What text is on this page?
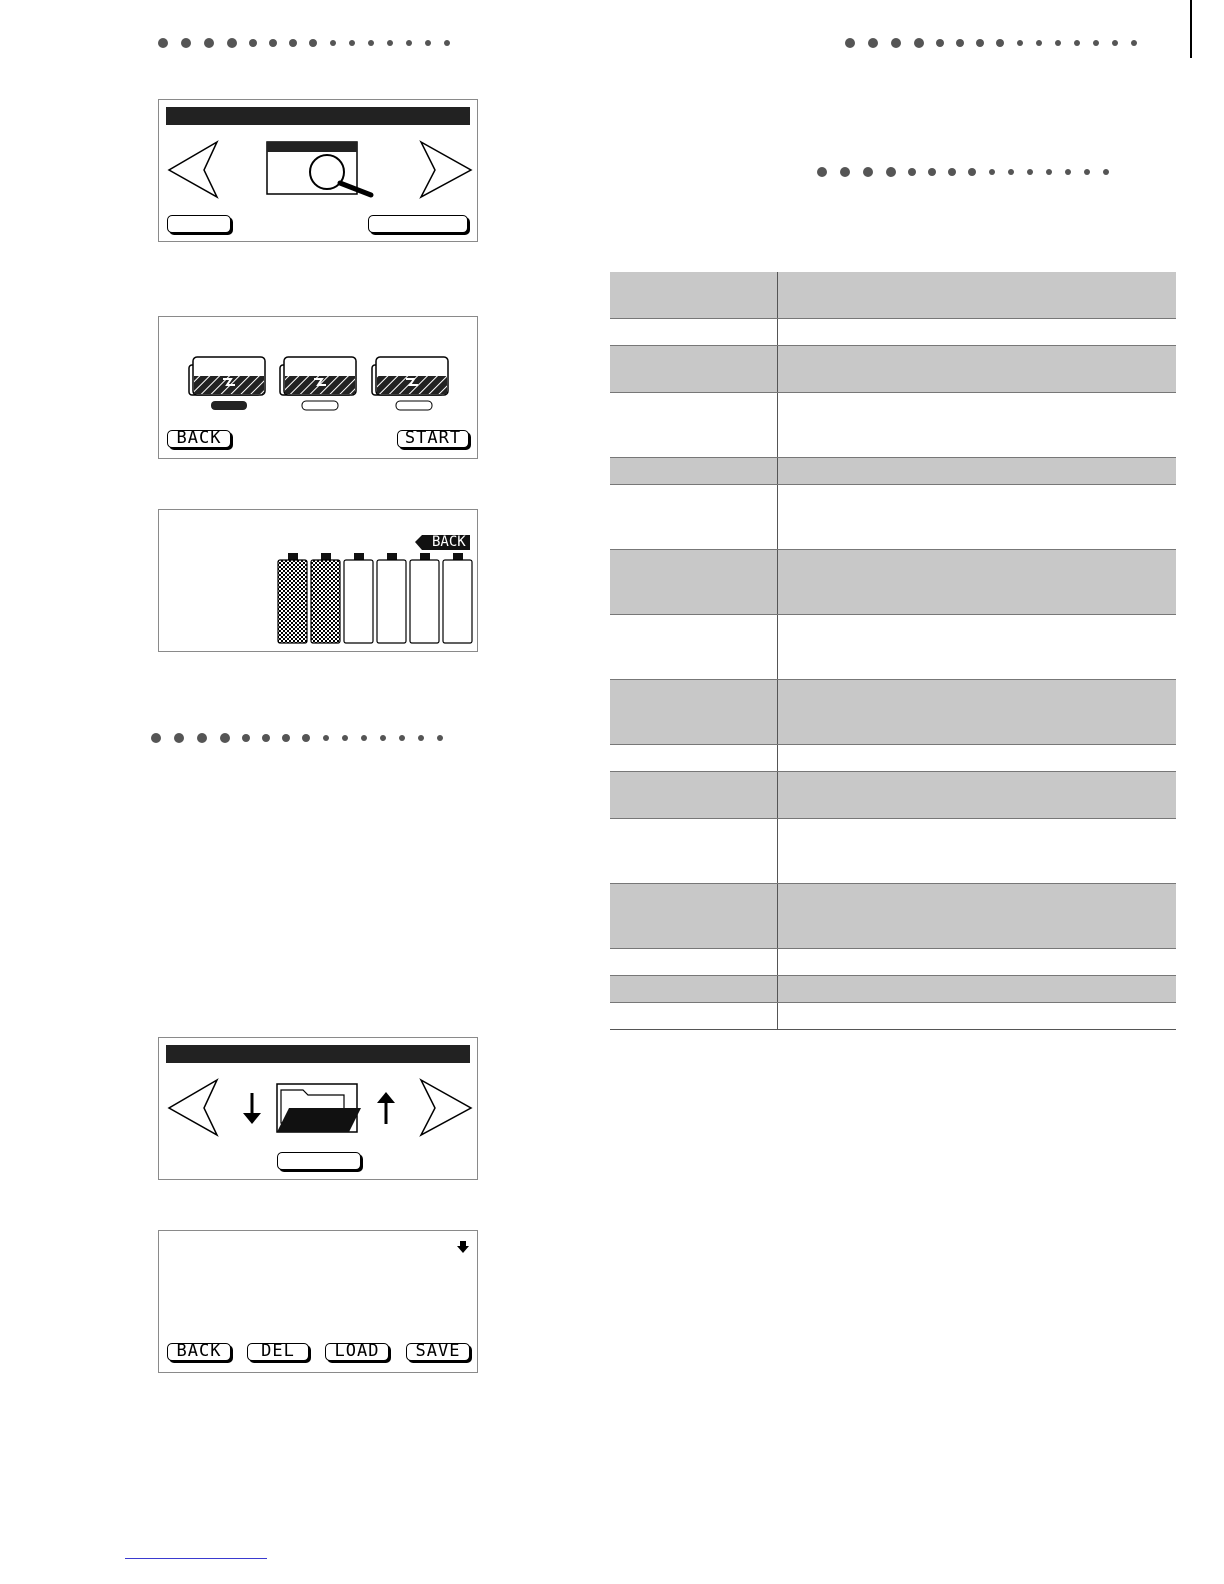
BACK	START
BACK
BACK	DEL	LOAD	SAVE
